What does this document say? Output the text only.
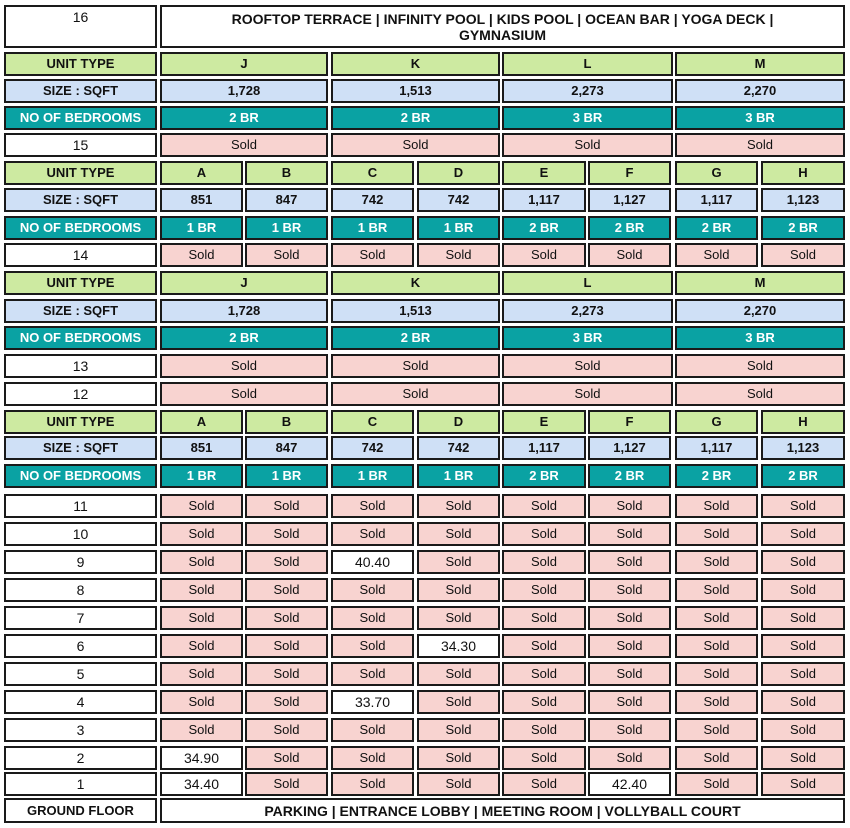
16	ROOFTOP TERRACE | INFINITY POOL | KIDS POOL | OCEAN BAR | YOGA DECK | GYMNASIUM
UNIT TYPE	J	K	L	M
SIZE : SQFT	1,728	1,513	2,273	2,270
NO OF BEDROOMS	2 BR	2 BR	3 BR	3 BR
15	Sold	Sold	Sold	Sold
UNIT TYPE	A	B	C	D	E	F	G	H
SIZE : SQFT	851	847	742	742	1,117	1,127	1,117	1,123
NO OF BEDROOMS	1 BR	1 BR	1 BR	1 BR	2 BR	2 BR	2 BR	2 BR
14	Sold	Sold	Sold	Sold	Sold	Sold	Sold	Sold
UNIT TYPE	J	K	L	M
SIZE : SQFT	1,728	1,513	2,273	2,270
NO OF BEDROOMS	2 BR	2 BR	3 BR	3 BR
13	Sold	Sold	Sold	Sold
12	Sold	Sold	Sold	Sold
UNIT TYPE	A	B	C	D	E	F	G	H
SIZE : SQFT	851	847	742	742	1,117	1,127	1,117	1,123
NO OF BEDROOMS	1 BR	1 BR	1 BR	1 BR	2 BR	2 BR	2 BR	2 BR
11	Sold	Sold	Sold	Sold	Sold	Sold	Sold	Sold
10	Sold	Sold	Sold	Sold	Sold	Sold	Sold	Sold
9	Sold	Sold	40.40	Sold	Sold	Sold	Sold	Sold
8	Sold	Sold	Sold	Sold	Sold	Sold	Sold	Sold
7	Sold	Sold	Sold	Sold	Sold	Sold	Sold	Sold
6	Sold	Sold	Sold	34.30	Sold	Sold	Sold	Sold
5	Sold	Sold	Sold	Sold	Sold	Sold	Sold	Sold
4	Sold	Sold	33.70	Sold	Sold	Sold	Sold	Sold
3	Sold	Sold	Sold	Sold	Sold	Sold	Sold	Sold
2	34.90	Sold	Sold	Sold	Sold	Sold	Sold	Sold
1	34.40	Sold	Sold	Sold	Sold	42.40	Sold	Sold
GROUND FLOOR	PARKING | ENTRANCE LOBBY | MEETING ROOM | VOLLYBALL COURT
